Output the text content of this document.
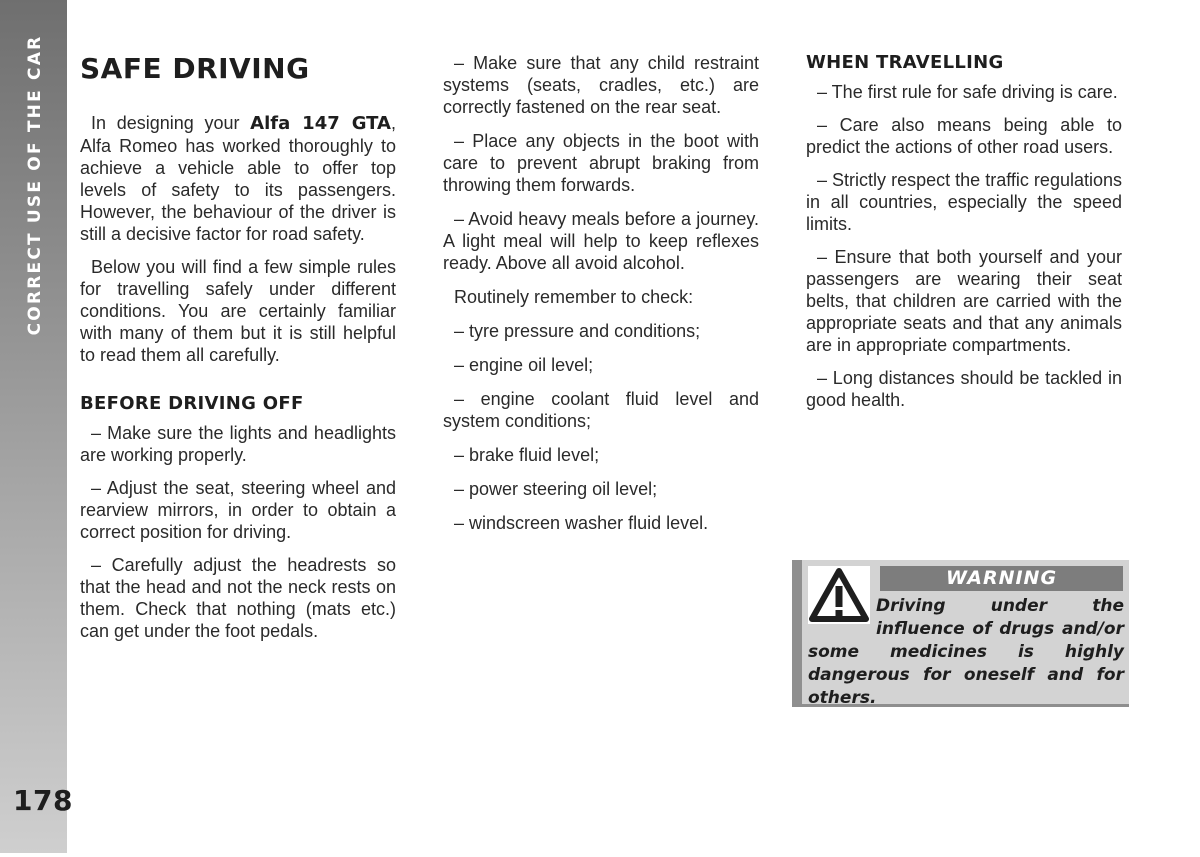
CORRECT USE OF THE CAR
178
SAFE DRIVING

In designing your Alfa 147 GTA, Alfa Romeo has worked thoroughly to achieve a vehicle able to offer top levels of safety to its passengers. However, the behaviour of the driver is still a decisive factor for road safety.

Below you will find a few simple rules for travelling safely under different conditions. You are certainly familiar with many of them but it is still helpful to read them all carefully.

BEFORE DRIVING OFF

– Make sure the lights and headlights are working properly.

– Adjust the seat, steering wheel and rearview mirrors, in order to obtain a correct position for driving.

– Carefully adjust the headrests so that the head and not the neck rests on them. Check that nothing (mats etc.) can get under the foot pedals.

– Make sure that any child restraint systems (seats, cradles, etc.) are correctly fastened on the rear seat.

– Place any objects in the boot with care to prevent abrupt braking from throwing them forwards.

– Avoid heavy meals before a journey. A light meal will help to keep reflexes ready. Above all avoid alcohol.

Routinely remember to check:

– tyre pressure and conditions;

– engine oil level;

– engine coolant fluid level and system conditions;

– brake fluid level;

– power steering oil level;

– windscreen washer fluid level.

WHEN TRAVELLING

– The first rule for safe driving is care.

– Care also means being able to predict the actions of other road users.

– Strictly respect the traffic regulations in all countries, especially the speed limits.

– Ensure that both yourself and your passengers are wearing their seat belts, that children are carried with the appropriate seats and that any animals are in appropriate compartments.

– Long distances should be tackled in good health.

WARNING
Driving under the influence of drugs and/or some medicines is highly dangerous for oneself and for others.
